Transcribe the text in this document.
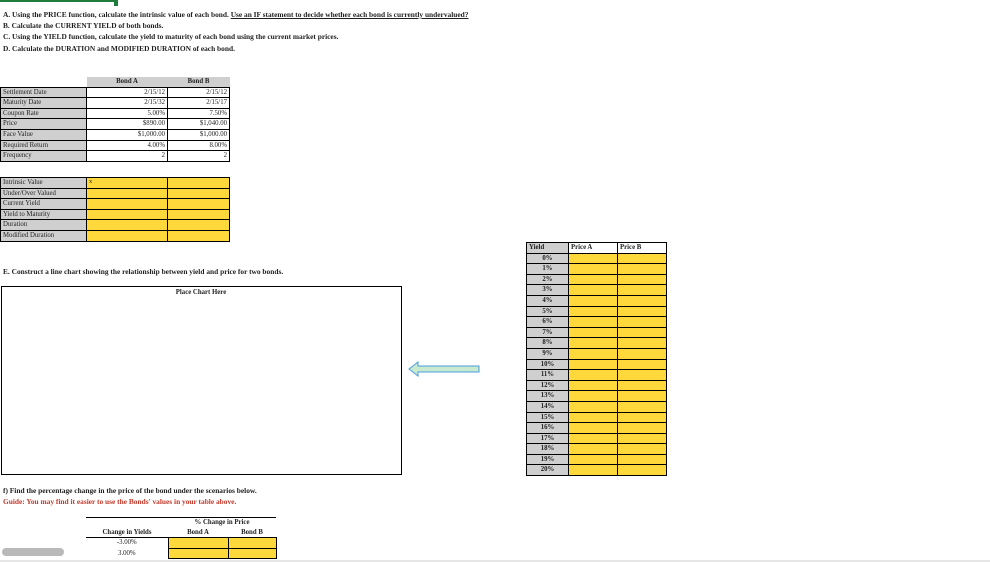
A. Using the PRICE function, calculate the intrinsic value of each bond. Use an IF statement to decide whether each bond is currently undervalued?
B. Calculate the CURRENT YIELD of both bonds.
C. Using the YIELD function, calculate the yield to maturity of each bond using the current market prices.
D. Calculate the DURATION and MODIFIED DURATION of each bond.
	Bond A	Bond B
Settlement Date	2/15/12	2/15/12
Maturity Date	2/15/32	2/15/17
Coupon Rate	5.00%	7.50%
Price	$890.00	$1,040.00
Face Value	$1,000.00	$1,000.00
Required Return	4.00%	8.00%
Frequency	2	2
Intrinsic Value		
Under/Over Valued		
Current Yield		
Yield to Maturity		
Duration		
Modified Duration		
x
E. Construct a line chart showing the relationship between yield and price for two bonds.
Place Chart Here
Yield	Price A	Price B
0%		
1%		
2%		
3%		
4%		
5%		
6%		
7%		
8%		
9%		
10%		
11%		
12%		
13%		
14%		
15%		
16%		
17%		
18%		
19%		
20%		
f) Find the percentage change in the price of the bond under the scenarios below.
Guide: You may find it easier to use the Bonds' values in your table above.
	% Change in Price	
Change in Yields	Bond A	Bond B
-3.00%		
3.00%		
